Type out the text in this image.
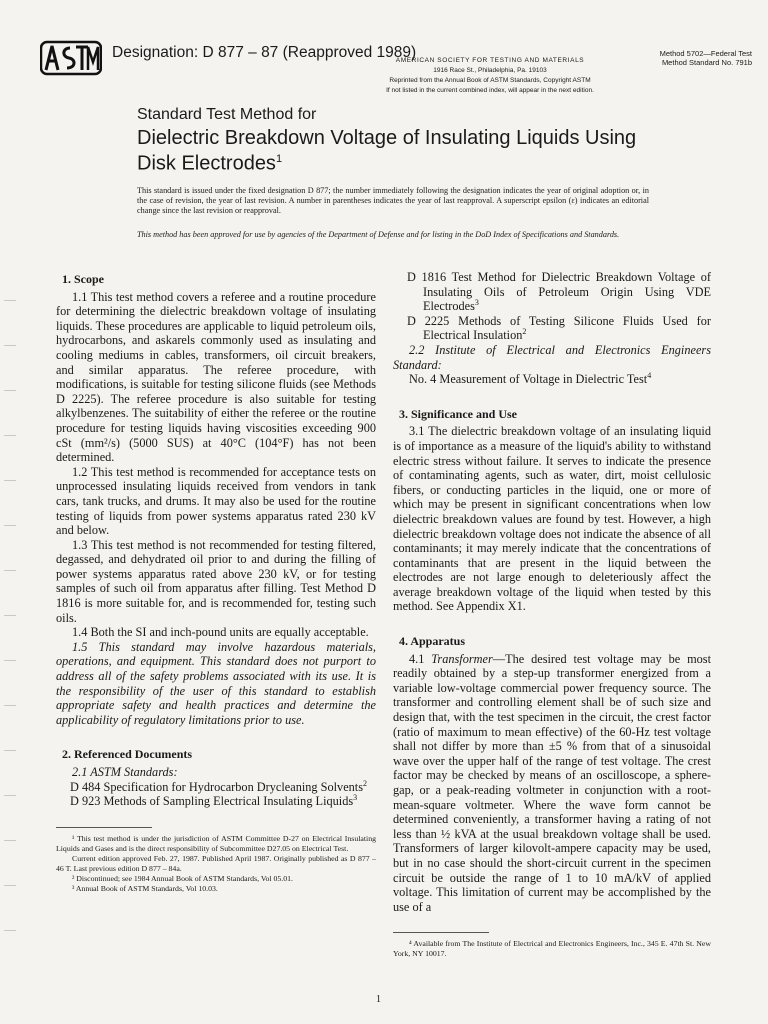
Designation: D 877 – 87 (Reapproved 1989)
AMERICAN SOCIETY FOR TESTING AND MATERIALS
1916 Race St., Philadelphia, Pa. 19103
Reprinted from the Annual Book of ASTM Standards, Copyright ASTM
If not listed in the current combined index, will appear in the next edition.
Method 5702—Federal Test
Method Standard No. 791b
Standard Test Method for
Dielectric Breakdown Voltage of Insulating Liquids Using
Disk Electrodes$^1$
This standard is issued under the fixed designation D 877; the number immediately following the designation indicates the year of original adoption or, in the case of revision, the year of last revision. A number in parentheses indicates the year of last reapproval. A superscript epsilon (ε) indicates an editorial change since the last revision or reapproval.
This method has been approved for use by agencies of the Department of Defense and for listing in the DoD Index of Specifications and Standards.
1. Scope

1.1 This test method covers a referee and a routine procedure for determining the dielectric breakdown voltage of insulating liquids. These procedures are applicable to liquid petroleum oils, hydrocarbons, and askarels commonly used as insulating and cooling mediums in cables, transformers, oil circuit breakers, and similar apparatus. The referee procedure, with modifications, is suitable for testing silicone fluids (see Methods D 2225). The referee procedure is also suitable for testing alkylbenzenes. The suitability of either the referee or the routine procedure for testing liquids having viscosities exceeding 900 cSt (mm²/s) (5000 SUS) at 40°C (104°F) has not been determined.

1.2 This test method is recommended for acceptance tests on unprocessed insulating liquids received from vendors in tank cars, tank trucks, and drums. It may also be used for the routine testing of liquids from power systems apparatus rated 230 kV and below.

1.3 This test method is not recommended for testing filtered, degassed, and dehydrated oil prior to and during the filling of power systems apparatus rated above 230 kV, or for testing samples of such oil from apparatus after filling. Test Method D 1816 is more suitable for, and is recommended for, testing such oils.

1.4 Both the SI and inch-pound units are equally acceptable.

1.5 This standard may involve hazardous materials, operations, and equipment. This standard does not purport to address all of the safety problems associated with its use. It is the responsibility of the user of this standard to establish appropriate safety and health practices and determine the applicability of regulatory limitations prior to use.

2. Referenced Documents

2.1 ASTM Standards:

D 484 Specification for Hydrocarbon Drycleaning Solvents$^2$

D 923 Methods of Sampling Electrical Insulating Liquids$^3$

¹ This test method is under the jurisdiction of ASTM Committee D-27 on Electrical Insulating Liquids and Gases and is the direct responsibility of Subcommittee D27.05 on Electrical Test.

Current edition approved Feb. 27, 1987. Published April 1987. Originally published as D 877 – 46 T. Last previous edition D 877 – 84a.

² Discontinued; see 1984 Annual Book of ASTM Standards, Vol 05.01.

³ Annual Book of ASTM Standards, Vol 10.03.

D 1816 Test Method for Dielectric Breakdown Voltage of Insulating Oils of Petroleum Origin Using VDE Electrodes$^3$

D 2225 Methods of Testing Silicone Fluids Used for Electrical Insulation$^2$

2.2 Institute of Electrical and Electronics Engineers Standard:

No. 4 Measurement of Voltage in Dielectric Test$^4$

3. Significance and Use

3.1 The dielectric breakdown voltage of an insulating liquid is of importance as a measure of the liquid's ability to withstand electric stress without failure. It serves to indicate the presence of contaminating agents, such as water, dirt, moist cellulosic fibers, or conducting particles in the liquid, one or more of which may be present in significant concentrations when low dielectric breakdown values are found by test. However, a high dielectric breakdown voltage does not indicate the absence of all contaminants; it may merely indicate that the concentrations of contaminants that are present in the liquid between the electrodes are not large enough to deleteriously affect the average breakdown voltage of the liquid when tested by this method. See Appendix X1.

4. Apparatus

4.1 Transformer—The desired test voltage may be most readily obtained by a step-up transformer energized from a variable low-voltage commercial power frequency source. The transformer and controlling element shall be of such size and design that, with the test specimen in the circuit, the crest factor (ratio of maximum to mean effective) of the 60-Hz test voltage shall not differ by more than ±5 % from that of a sinusoidal wave over the upper half of the range of test voltage. The crest factor may be checked by means of an oscilloscope, a sphere-gap, or a peak-reading voltmeter in conjunction with a root-mean-square voltmeter. Where the wave form cannot be determined conveniently, a transformer having a rating of not less than ½ kVA at the usual breakdown voltage shall be used. Transformers of larger kilovolt-ampere capacity may be used, but in no case should the short-circuit current in the specimen circuit be outside the range of 1 to 10 mA/kV of applied voltage. This limitation of current may be accomplished by the use of a

⁴ Available from The Institute of Electrical and Electronics Engineers, Inc., 345 E. 47th St. New York, NY 10017.

1
